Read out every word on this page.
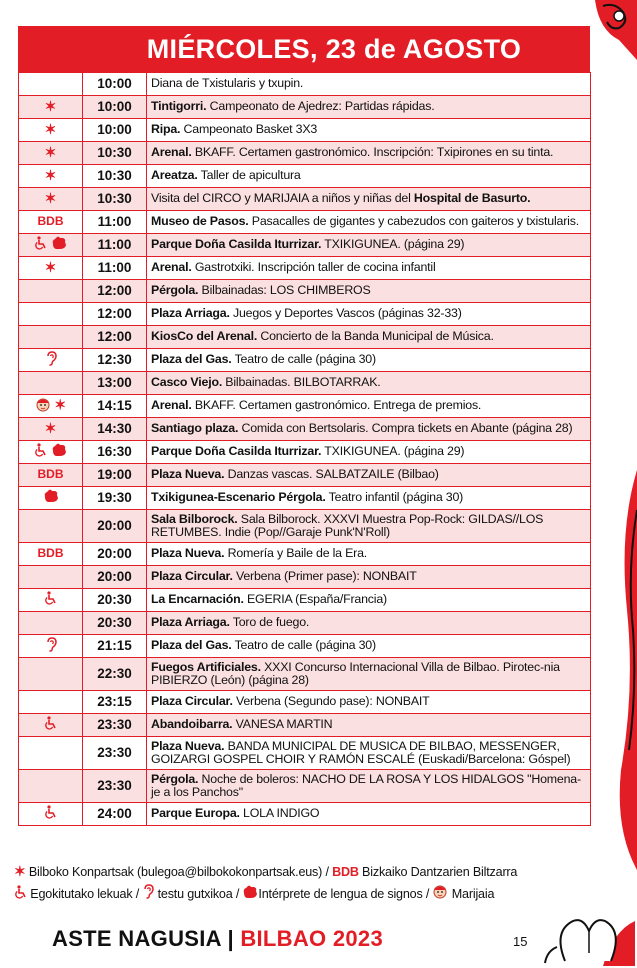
MIÉRCOLES, 23 de AGOSTO
	10:00	Diana de Txistularis y txupin.
✶	10:00	Tintigorri. Campeonato de Ajedrez: Partidas rápidas.
✶	10:00	Ripa. Campeonato Basket 3X3
✶	10:30	Arenal. BKAFF. Certamen gastronómico. Inscripción: Txipirones en su tinta.
✶	10:30	Areatza. Taller de apicultura
✶	10:30	Visita del CIRCO y MARIJAIA a niños y niñas del Hospital de Basurto.
BDB	11:00	Museo de Pasos. Pasacalles de gigantes y cabezudos con gaiteros y txistularis.
	11:00	Parque Doña Casilda Iturrizar. TXIKIGUNEA. (página 29)
✶	11:00	Arenal. Gastrotxiki. Inscripción taller de cocina infantil
	12:00	Pérgola. Bilbainadas: LOS CHIMBEROS
	12:00	Plaza Arriaga. Juegos y Deportes Vascos (páginas 32-33)
	12:00	KiosCo del Arenal. Concierto de la Banda Municipal de Música.
	12:30	Plaza del Gas. Teatro de calle (página 30)
	13:00	Casco Viejo. Bilbainadas. BILBOTARRAK.
✶	14:15	Arenal. BKAFF. Certamen gastronómico. Entrega de premios.
✶	14:30	Santiago plaza. Comida con Bertsolaris. Compra tickets en Abante (página 28)
	16:30	Parque Doña Casilda Iturrizar. TXIKIGUNEA. (página 29)
BDB	19:00	Plaza Nueva. Danzas vascas. SALBATZAILE (Bilbao)
	19:30	Txikigunea-Escenario Pérgola. Teatro infantil (página 30)
	20:00	Sala Bilborock. Sala Bilborock. XXXVI Muestra Pop-Rock: GILDAS//LOS RETUMBES. Indie (Pop//Garaje Punk'N'Roll)
BDB	20:00	Plaza Nueva. Romería y Baile de la Era.
	20:00	Plaza Circular. Verbena (Primer pase): NONBAIT
	20:30	La Encarnación. EGERIA (España/Francia)
	20:30	Plaza Arriaga. Toro de fuego.
	21:15	Plaza del Gas. Teatro de calle (página 30)
	22:30	Fuegos Artificiales. XXXI Concurso Internacional Villa de Bilbao. Pirotec-nia PIBIERZO (León) (página 28)
	23:15	Plaza Circular. Verbena (Segundo pase): NONBAIT
	23:30	Abandoibarra. VANESA MARTIN
	23:30	Plaza Nueva. BANDA MUNICIPAL DE MUSICA DE BILBAO, MESSENGER, GOIZARGI GOSPEL CHOIR Y RAMÓN ESCALÉ (Euskadi/Barcelona: Góspel)
	23:30	Pérgola. Noche de boleros: NACHO DE LA ROSA Y LOS HIDALGOS "Homena-je a los Panchos"
	24:00	Parque Europa. LOLA INDIGO
✶ Bilboko Konpartsak (bulegoa@bilbokokonpartsak.eus) / BDB Bizkaiko Dantzarien Biltzarra
Egokitutako lekuak /  testu gutxikoa / Intérprete de lengua de signos /  Marijaia
ASTE NAGUSIA | BILBAO 2023	15
